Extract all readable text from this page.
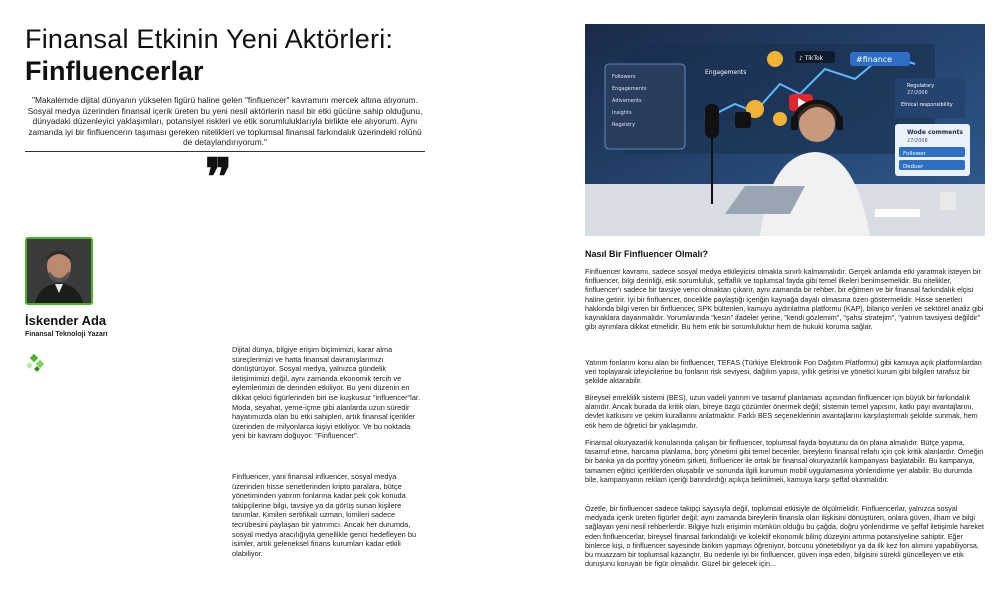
Finansal Etkinin Yeni Aktörleri:
Finfluencerlar
"Makalemde dijital dünyanın yükselen figürü haline gelen "finfluencer" kavramını mercek altına alıyorum. Sosyal medya üzerinden finansal içerik üreten bu yeni nesil aktörlerin nasıl bir etki gücüne sahip olduğunu, dünyadaki düzenleyici yaklaşımları, potansiyel riskleri ve etik sorumluluklarıyla birlikte ele alıyorum. Aynı zamanda iyi bir finfluencerın taşıması gereken nitelikleri ve toplumsal finansal farkındalık üzerindeki rolünü de detaylandırıyorum."
❞
İskender Ada
Finansal Teknoloji Yazarı
Dijital dünya, bilgiye erişim biçimimizi, karar alma süreçlerimizi ve hatta finansal davranışlarımızı dönüştürüyor. Sosyal medya, yalnızca gündelik iletişimimizi değil, aynı zamanda ekonomik tercih ve eylemlerimizi de derinden etkiliyor. Bu yeni düzenin en dikkat çekici figürlerinden biri ise kuşkusuz "influencer"lar. Moda, seyahat, yeme-içme gibi alanlarda uzun süredir hayatımızda olan bu etki sahipleri, artık finansal içerikler üzerinden de milyonlarca kişiyi etkiliyor. Ve bu noktada yeni bir kavram doğuyor: "Finfluencer".
Finfluencer, yani finansal influencer, sosyal medya üzerinden hisse senetlerinden kripto paralara, bütçe yönetiminden yatırım fonlarına kadar pek çok konuda takipçilerine bilgi, tavsiye ya da görüş sunan kişilere tanımlar. Kimileri sertifikalı uzman, kimileri sadece tecrübesini paylaşan bir yatırımcı. Ancak her durumda, sosyal medya aracılığıyla genellikle genci hedefleyen bu isimler, artık geleneksel finans kurumları kadar etkili olabiliyor.
Followers
Engagements
Adivements
Insights
Regsistry
Engagements
♪ TikTok	#finance
Regulatory
27/2006
Ethical responsibility
Wode comments
27/2006
Follower
Deduer
Nasıl Bir Finfluencer Olmalı?
Finfluencer kavramı, sadece sosyal medya etkileyicisi olmakla sınırlı kalmamalıdır. Gerçek anlamda etki yaratmak isteyen bir finfluencer, bilgi derinliği, etik sorumluluk, şeffaflık ve toplumsal fayda gibi temel ilkeleri benimsemelidir. Bu nitelikler, finfluencer'ı sadece bir tavsiye verici olmaktan çıkarır, aynı zamanda bir rehber, bir eğitmen ve bir finansal farkındalık elçisi haline getirir. İyi bir finfluencer, öncelikle paylaştığı içeriğin kaynağa dayalı olmasına özen göstermelidir. Hisse senetleri hakkında bilgi veren bir finfluencer, SPK bültenleri, kamuyu aydınlatma platformu (KAP), bilanço verileri ve sektörel analiz gibi kaynaklara dayanmalıdır. Yorumlarında "kesin" ifadeler yerine, "kendi gözlemim", "şahsi stratejim", "yatırım tavsiyesi değildir" gibi ayrımlara dikkat etmelidir. Bu hem etik bir sorumluluktur hem de hukuki koruma sağlar.
Yatırım fonlarını konu alan bir finfluencer, TEFAS (Türkiye Elektronik Fon Dağıtım Platformu) gibi kamuya açık platformlardan veri toplayarak izleyicilerine bu fonların risk seviyesi, dağılım yapısı, yıllık getirisi ve yönetici kurum gibi bilgileri tarafsız bir şekilde aktarabilir.
Bireysel emeklilik sistemi (BES), uzun vadeli yatırım ve tasarruf planlaması açısından finfluencer için büyük bir farkındalık alanıdır. Ancak burada da kritik olan, bireye özgü çözümler önermek değil; sistemin temel yapısını, katkı payı avantajlarını, devlet katkısını ve çekim kurallarını anlatmaktır. Farklı BES seçeneklerinin avantajlarını karşılaştırmalı şekilde sunmak, hem etik hem de öğretici bir yaklaşımdır.
Finansal okuryazarlık konularında çalışan bir finfluencer, toplumsal fayda boyutunu da ön plana almalıdır. Bütçe yapma, tasarruf etme, harcama planlama, borç yönetimi gibi temel beceriler, bireylerin finansal refahı için çok kritik alanlardır. Örneğin bir banka ya da portföy yönetim şirketi, finfluencer ile ortak bir finansal okuryazarlık kampanyası başlatabilir. Bu kampanya, tamamen eğitici içeriklerden oluşabilir ve sonunda ilgili kurumun mobil uygulamasına yönlendirme yer alabilir. Bu durumda bile, kampanyanın reklam içeriği barındırdığı açıkça belirtilmeli, kamuya karşı şeffaf olunmalıdır.
Özetle, bir finfluencer sadece takipçi sayısıyla değil, toplumsal etkisiyle de ölçülmelidir. Finfluencerlar, yalnızca sosyal medyada içerik üreten figürler değil; aynı zamanda bireylerin finansla olan ilişkisini dönüştüren, onlara güven, ilham ve bilgi sağlayan yeni nesil rehberlerdir. Bilgiye hızlı erişimin mümkün olduğu bu çağda, doğru yönlendirme ve şeffaf iletişimle hareket eden finfluencerlar, bireysel finansal farkındalığı ve kolektif ekonomik bilinç düzeyini artırma potansiyeline sahiptir. Eğer binlerce kişi, o finfluencer sayesinde birikim yapmayı öğreniyor, borcunu yönetebiliyor ya da ilk kez fon alımını yapabiliyorsa, bu muazzam bir toplumsal kazançtır. Bu nedenle iyi bir finfluencer, güven inşa eden, bilgisini sürekli güncelleyen ve etik duruşunu koruyan bir figür olmalıdır. Güzel bir gelecek için...
